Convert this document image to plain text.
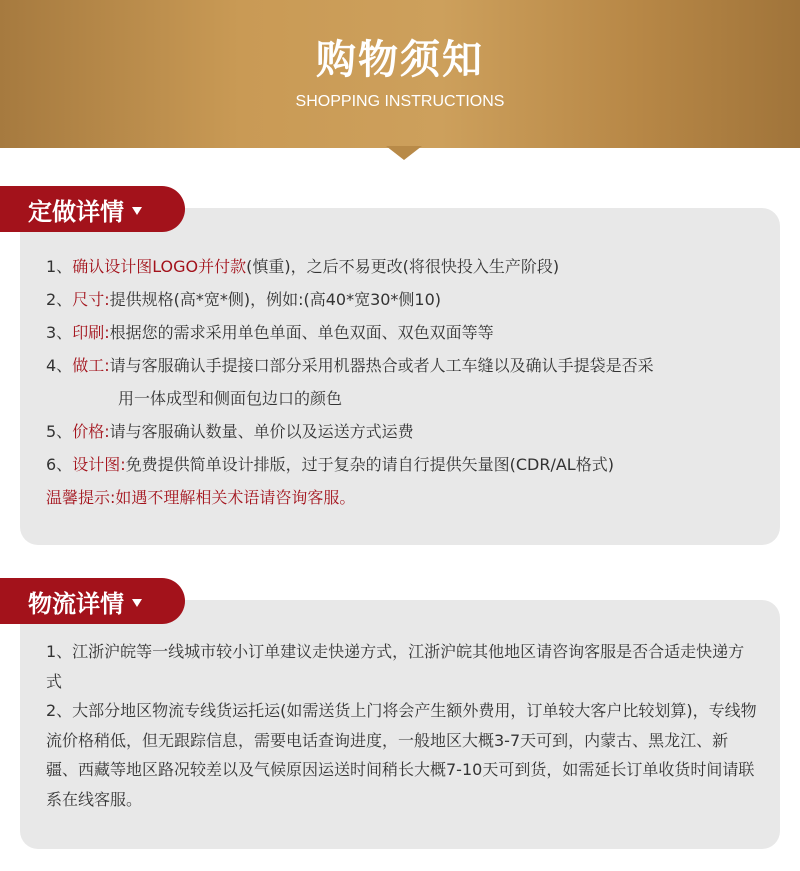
购物须知
SHOPPING INSTRUCTIONS
定做详情
1、确认设计图LOGO并付款(慎重)，之后不易更改(将很快投入生产阶段)
2、尺寸:提供规格(高*宽*侧)，例如:(高40*宽30*侧10)
3、印刷:根据您的需求采用单色单面、单色双面、双色双面等等
4、做工:请与客服确认手提接口部分采用机器热合或者人工车缝以及确认手提袋是否采
用一体成型和侧面包边口的颜色
5、价格:请与客服确认数量、单价以及运送方式运费
6、设计图:免费提供简单设计排版，过于复杂的请自行提供矢量图(CDR/AL格式)
温馨提示:如遇不理解相关术语请咨询客服。
物流详情
1、江浙沪皖等一线城市较小订单建议走快递方式，江浙沪皖其他地区请咨询客服是否合适走快递方式
2、大部分地区物流专线货运托运(如需送货上门将会产生额外费用，订单较大客户比较划算)，专线物流价格稍低，但无跟踪信息，需要电话查询进度，一般地区大概3-7天可到，内蒙古、黑龙江、新疆、西藏等地区路况较差以及气候原因运送时间稍长大概7-10天可到货，如需延长订单收货时间请联系在线客服。
